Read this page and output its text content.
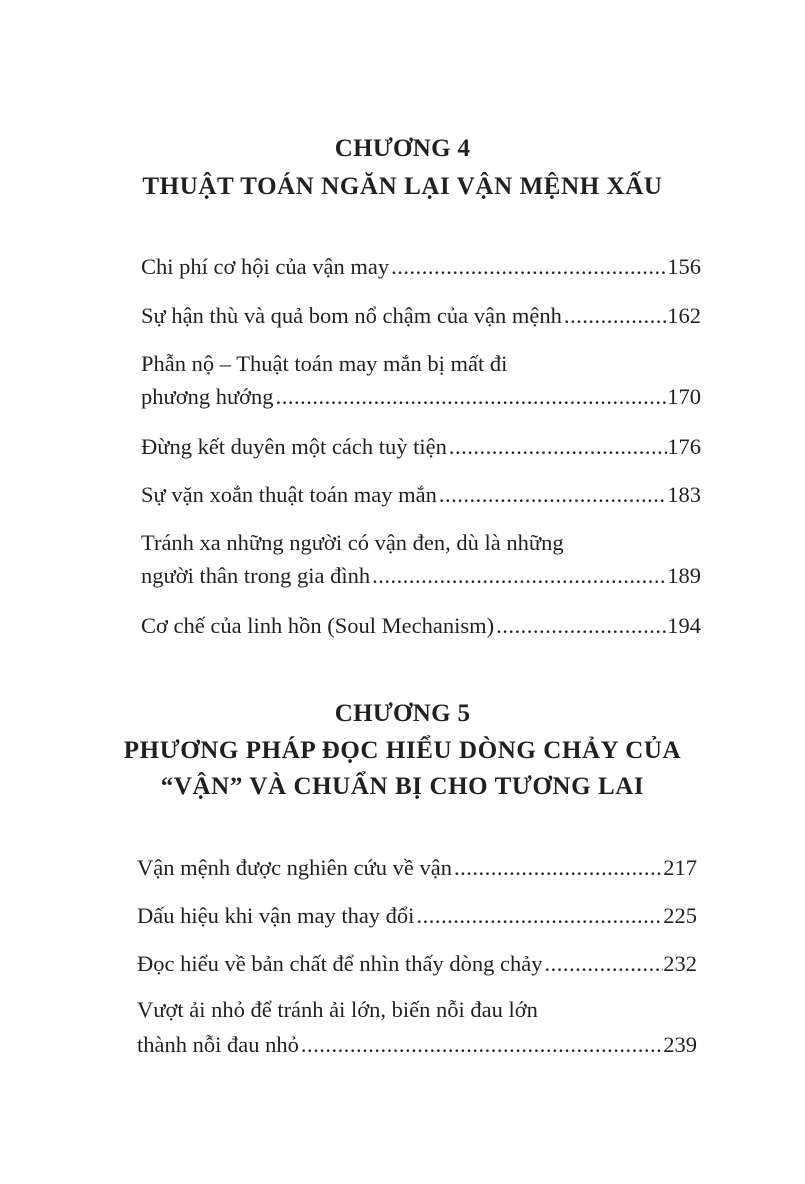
CHƯƠNG 4
THUẬT TOÁN NGĂN LẠI VẬN MỆNH XẤU
Chi phí cơ hội của vận may .....	156
Sự hận thù và quả bom nổ chậm của vận mệnh .....	162
Phẫn nộ – Thuật toán may mắn bị mất đi
phương hướng .....	170
Đừng kết duyên một cách tuỳ tiện .....	176
Sự vặn xoắn thuật toán may mắn .....	183
Tránh xa những người có vận đen, dù là những
người thân trong gia đình .....	189
Cơ chế của linh hồn (Soul Mechanism) .....	194
CHƯƠNG 5
PHƯƠNG PHÁP ĐỌC HIỂU DÒNG CHẢY CỦA
“VẬN” VÀ CHUẨN BỊ CHO TƯƠNG LAI
Vận mệnh được nghiên cứu về vận .....	217
Dấu hiệu khi vận may thay đổi .....	225
Đọc hiểu về bản chất để nhìn thấy dòng chảy .....	232
Vượt ải nhỏ để tránh ải lớn, biến nỗi đau lớn
thành nỗi đau nhỏ .....	239
